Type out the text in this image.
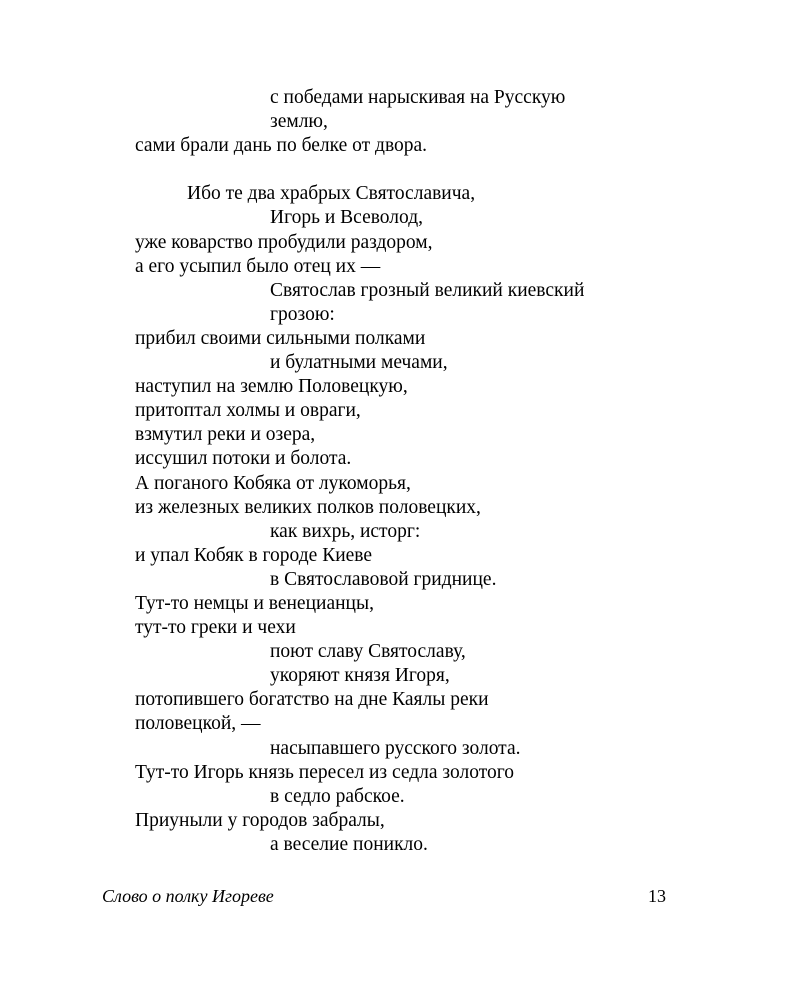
с победами нарыскивая на Русскую
землю,
сами брали дань по белке от двора.
Ибо те два храбрых Святославича,
Игорь и Всеволод,
уже коварство пробудили раздором,
а его усыпил было отец их —
Святослав грозный великий киевский
грозою:
прибил своими сильными полками
и булатными мечами,
наступил на землю Половецкую,
притоптал холмы и овраги,
взмутил реки и озера,
иссушил потоки и болота.
А поганого Кобяка от лукоморья,
из железных великих полков половецких,
как вихрь, исторг:
и упал Кобяк в городе Киеве
в Святославовой гриднице.
Тут-то немцы и венецианцы,
тут-то греки и чехи
поют славу Святославу,
укоряют князя Игоря,
потопившего богатство на дне Каялы реки
половецкой, —
насыпавшего русского золота.
Тут-то Игорь князь пересел из седла золотого
в седло рабское.
Приуныли у городов забралы,
а веселие поникло.
Слово о полку Игореве	13
